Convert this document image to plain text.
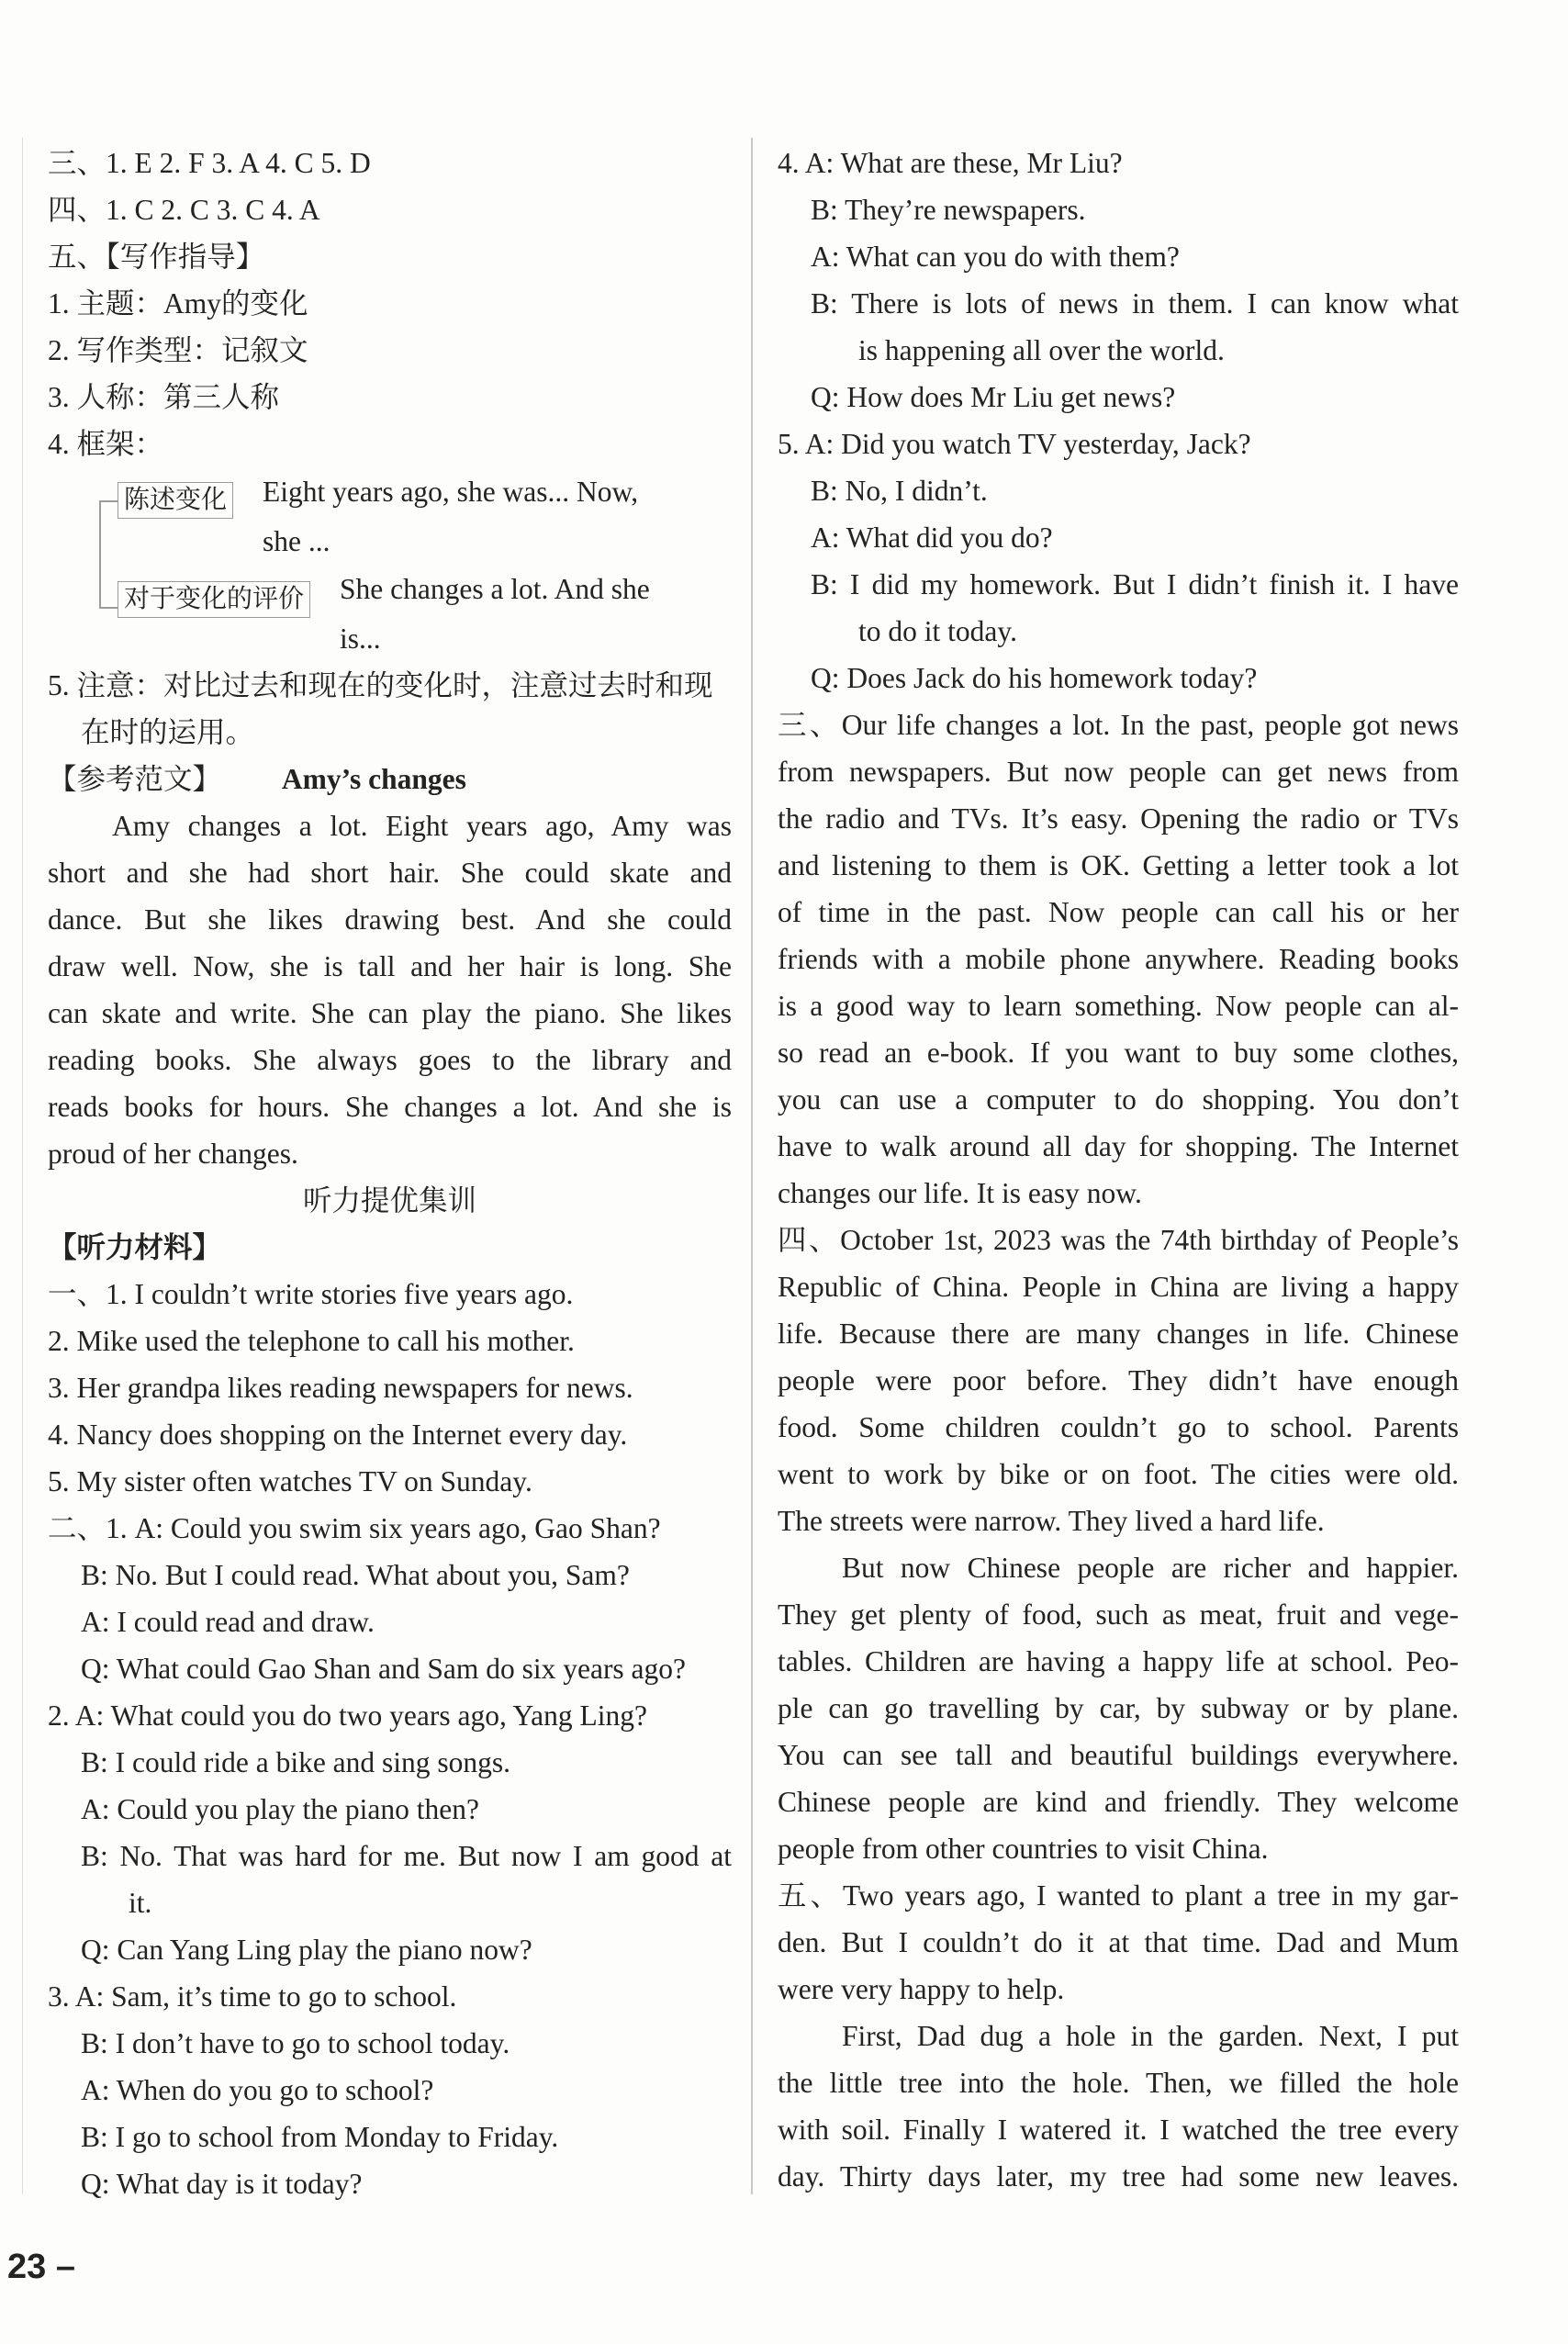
三、1. E 2. F 3. A 4. C 5. D
四、1. C 2. C 3. C 4. A
五、【写作指导】
1. 主题：Amy的变化
2. 写作类型：记叙文
3. 人称：第三人称
4. 框架：
陈述变化 Eight years ago, she was... Now,
she ...
对于变化的评价 She changes a lot. And she
is...
5. 注意：对比过去和现在的变化时，注意过去时和现
在时的运用。
【参考范文】 Amy’s changes
Amy changes a lot. Eight years ago, Amy was
short and she had short hair. She could skate and
dance. But she likes drawing best. And she could
draw well. Now, she is tall and her hair is long. She
can skate and write. She can play the piano. She likes
reading books. She always goes to the library and
reads books for hours. She changes a lot. And she is
proud of her changes.
听力提优集训
【听力材料】
一、1. I couldn’t write stories five years ago.
2. Mike used the telephone to call his mother.
3. Her grandpa likes reading newspapers for news.
4. Nancy does shopping on the Internet every day.
5. My sister often watches TV on Sunday.
二、1. A: Could you swim six years ago, Gao Shan?
B: No. But I could read. What about you, Sam?
A: I could read and draw.
Q: What could Gao Shan and Sam do six years ago?
2. A: What could you do two years ago, Yang Ling?
B: I could ride a bike and sing songs.
A: Could you play the piano then?
B: No. That was hard for me. But now I am good at
it.
Q: Can Yang Ling play the piano now?
3. A: Sam, it’s time to go to school.
B: I don’t have to go to school today.
A: When do you go to school?
B: I go to school from Monday to Friday.
Q: What day is it today?
4. A: What are these, Mr Liu?
B: They’re newspapers.
A: What can you do with them?
B: There is lots of news in them. I can know what
is happening all over the world.
Q: How does Mr Liu get news?
5. A: Did you watch TV yesterday, Jack?
B: No, I didn’t.
A: What did you do?
B: I did my homework. But I didn’t finish it. I have
to do it today.
Q: Does Jack do his homework today?
三、Our life changes a lot. In the past, people got news
from newspapers. But now people can get news from
the radio and TVs. It’s easy. Opening the radio or TVs
and listening to them is OK. Getting a letter took a lot
of time in the past. Now people can call his or her
friends with a mobile phone anywhere. Reading books
is a good way to learn something. Now people can al-
so read an e-book. If you want to buy some clothes,
you can use a computer to do shopping. You don’t
have to walk around all day for shopping. The Internet
changes our life. It is easy now.
四、October 1st, 2023 was the 74th birthday of People’s
Republic of China. People in China are living a happy
life. Because there are many changes in life. Chinese
people were poor before. They didn’t have enough
food. Some children couldn’t go to school. Parents
went to work by bike or on foot. The cities were old.
The streets were narrow. They lived a hard life.
But now Chinese people are richer and happier.
They get plenty of food, such as meat, fruit and vege-
tables. Children are having a happy life at school. Peo-
ple can go travelling by car, by subway or by plane.
You can see tall and beautiful buildings everywhere.
Chinese people are kind and friendly. They welcome
people from other countries to visit China.
五、Two years ago, I wanted to plant a tree in my gar-
den. But I couldn’t do it at that time. Dad and Mum
were very happy to help.
First, Dad dug a hole in the garden. Next, I put
the little tree into the hole. Then, we filled the hole
with soil. Finally I watered it. I watched the tree every
day. Thirty days later, my tree had some new leaves.
23 –
